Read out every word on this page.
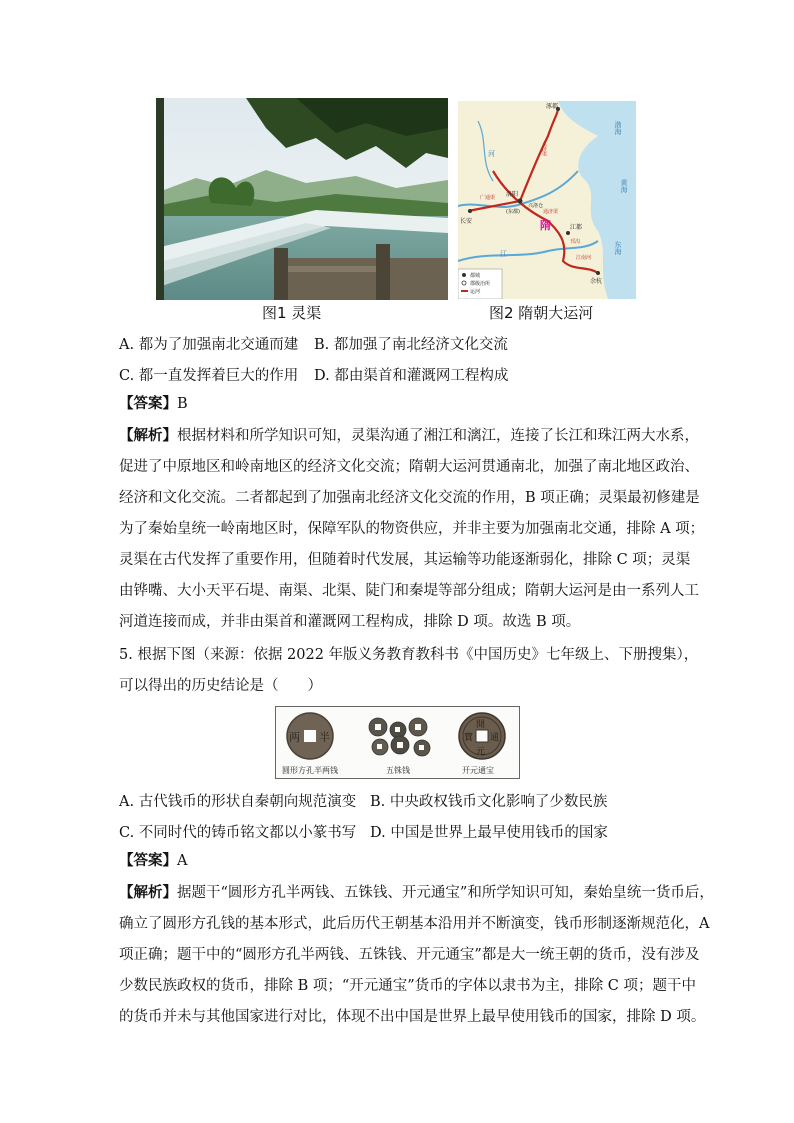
都城
郡级治所
运河
涿郡
长安
洛阳
(东都)
兴洛仓
江都
余杭
隋
渤海
黄海
东海
河
江
永济渠
通济渠
广通渠
邗沟
江南河
图1 灵渠	图2 隋朝大运河
A. 都为了加强南北交通而建 B. 都加强了南北经济文化交流
C. 都一直发挥着巨大的作用 D. 都由渠首和灌溉网工程构成
【答案】B
【解析】根据材料和所学知识可知，灵渠沟通了湘江和漓江，连接了长江和珠江两大水系，
促进了中原地区和岭南地区的经济文化交流；隋朝大运河贯通南北，加强了南北地区政治、
经济和文化交流。二者都起到了加强南北经济文化交流的作用，B 项正确；灵渠最初修建是
为了秦始皇统一岭南地区时，保障军队的物资供应，并非主要为加强南北交通，排除 A 项；
灵渠在古代发挥了重要作用，但随着时代发展，其运输等功能逐渐弱化，排除 C 项；灵渠
由铧嘴、大小天平石堤、南渠、北渠、陡门和秦堤等部分组成；隋朝大运河是由一系列人工
河道连接而成，并非由渠首和灌溉网工程构成，排除 D 项。故选 B 项。
5. 根据下图（来源：依据 2022 年版义务教育教科书《中国历史》七年级上、下册搜集），
可以得出的历史结论是（　　）
两 半
開
元
通
寶
圆形方孔半两钱	五铢钱	开元通宝
A. 古代钱币的形状自秦朝向规范演变 B. 中央政权钱币文化影响了少数民族
C. 不同时代的铸币铭文都以小篆书写 D. 中国是世界上最早使用钱币的国家
【答案】A
【解析】据题干“圆形方孔半两钱、五铢钱、开元通宝”和所学知识可知，秦始皇统一货币后，
确立了圆形方孔钱的基本形式，此后历代王朝基本沿用并不断演变，钱币形制逐渐规范化，A
项正确；题干中的“圆形方孔半两钱、五铢钱、开元通宝”都是大一统王朝的货币，没有涉及
少数民族政权的货币，排除 B 项；“开元通宝”货币的字体以隶书为主，排除 C 项；题干中
的货币并未与其他国家进行对比，体现不出中国是世界上最早使用钱币的国家，排除 D 项。
